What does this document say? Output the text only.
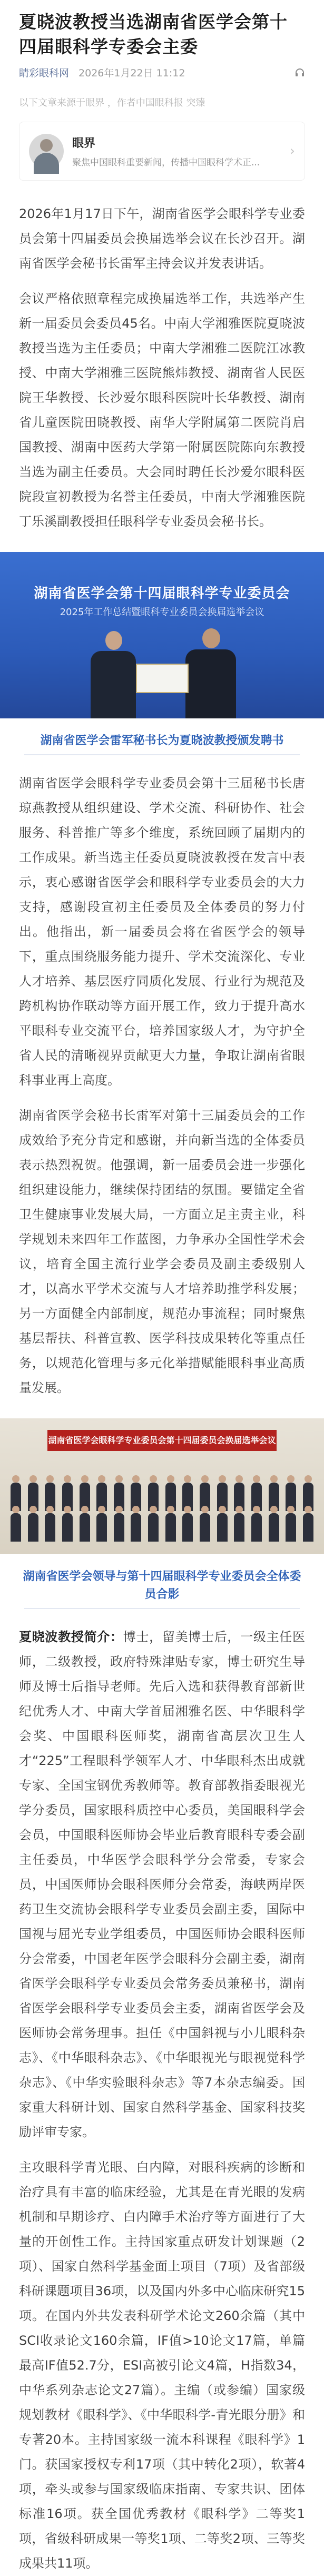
夏晓波教授当选湖南省医学会第十四届眼科学专委会主委
睛彩眼科网 2026年1月22日 11:12
以下文章来源于眼界 ，作者中国眼科报 突臻
眼界
聚焦中国眼科重要新闻，传播中国眼科学术正...
›

2026年1月17日下午，湖南省医学会眼科学专业委员会第十四届委员会换届选举会议在长沙召开。湖南省医学会秘书长雷军主持会议并发表讲话。

会议严格依照章程完成换届选举工作，共选举产生新一届委员会委员45名。中南大学湘雅医院夏晓波教授当选为主任委员；中南大学湘雅二医院江冰教授、中南大学湘雅三医院熊炜教授、湖南省人民医院王华教授、长沙爱尔眼科医院叶长华教授、湖南省儿童医院田晓教授、南华大学附属第二医院肖启国教授、湖南中医药大学第一附属医院陈向东教授当选为副主任委员。大会同时聘任长沙爱尔眼科医院段宣初教授为名誉主任委员，中南大学湘雅医院丁乐溪副教授担任眼科学专业委员会秘书长。

湖南省医学会第十四届眼科学专业委员会
2025年工作总结暨眼科专业委员会换届选举会议
湖南省医学会雷军秘书长为夏晓波教授颁发聘书

湖南省医学会眼科学专业委员会第十三届秘书长唐琼燕教授从组织建设、学术交流、科研协作、社会服务、科普推广等多个维度，系统回顾了届期内的工作成果。新当选主任委员夏晓波教授在发言中表示，衷心感谢省医学会和眼科学专业委员会的大力支持，感谢段宣初主任委员及全体委员的努力付出。他指出，新一届委员会将在省医学会的领导下，重点围绕服务能力提升、学术交流深化、专业人才培养、基层医疗同质化发展、行业行为规范及跨机构协作联动等方面开展工作，致力于提升高水平眼科专业交流平台，培养国家级人才，为守护全省人民的清晰视界贡献更大力量，争取让湖南省眼科事业再上高度。

湖南省医学会秘书长雷军对第十三届委员会的工作成效给予充分肯定和感谢，并向新当选的全体委员表示热烈祝贺。他强调，新一届委员会进一步强化组织建设能力，继续保持团结的氛围。要锚定全省卫生健康事业发展大局，一方面立足主责主业，科学规划未来四年工作蓝图，力争承办全国性学术会议，培育全国主流行业学会委员及副主委级别人才，以高水平学术交流与人才培养助推学科发展；另一方面健全内部制度，规范办事流程；同时聚焦基层帮扶、科普宣教、医学科技成果转化等重点任务，以规范化管理与多元化举措赋能眼科事业高质量发展。

湖南省医学会眼科学专业委员会第十四届委员会换届选举会议
湖南省医学会领导与第十四届眼科学专业委员会全体委员合影

夏晓波教授简介：博士，留美博士后，一级主任医师，二级教授，政府特殊津贴专家，博士研究生导师及博士后指导老师。先后入选和获得教育部新世纪优秀人才、中南大学首届湘雅名医、中华眼科学会奖、中国眼科医师奖，湖南省高层次卫生人才“225”工程眼科学领军人才、中华眼科杰出成就专家、全国宝钢优秀教师等。教育部教指委眼视光学分委员，国家眼科质控中心委员，美国眼科学会会员，中国眼科医师协会毕业后教育眼科专委会副主任委员，中华医学会眼科学分会常委，专家会员，中国医师协会眼科医师分会常委，海峡两岸医药卫生交流协会眼科学专业委员会副主委，国际中国视与屈光专业学组委员，中国医师协会眼科医师分会常委，中国老年医学会眼科分会副主委，湖南省医学会眼科学专业委员会常务委员兼秘书，湖南省医学会眼科学专业委员会主委，湖南省医学会及医师协会常务理事。担任《中国斜视与小儿眼科杂志》、《中华眼科杂志》、《中华眼视光与眼视觉科学杂志》、《中华实验眼科杂志》等7本杂志编委。国家重大科研计划、国家自然科学基金、国家科技奖励评审专家。

主攻眼科学青光眼、白内障，对眼科疾病的诊断和治疗具有丰富的临床经验，尤其是在青光眼的发病机制和早期诊疗、白内障手术治疗等方面进行了大量的开创性工作。主持国家重点研发计划课题（2项）、国家自然科学基金面上项目（7项）及省部级科研课题项目36项，以及国内外多中心临床研究15项。在国内外共发表科研学术论文260余篇（其中SCI收录论文160余篇，IF值>10论文17篇，单篇最高IF值52.7分，ESI高被引论文4篇，H指数34，中华系列杂志论文27篇）。主编（或参编）国家级规划教材《眼科学》、《中华眼科学-青光眼分册》和专著20本。主持国家级一流本科课程《眼科学》1门。获国家授权专利17项（其中转化2项），软著4项，牵头或参与国家级临床指南、专家共识、团体标准16项。获全国优秀教材《眼科学》二等奖1项，省级科研成果一等奖1项、二等奖2项、三等奖成果共11项。
